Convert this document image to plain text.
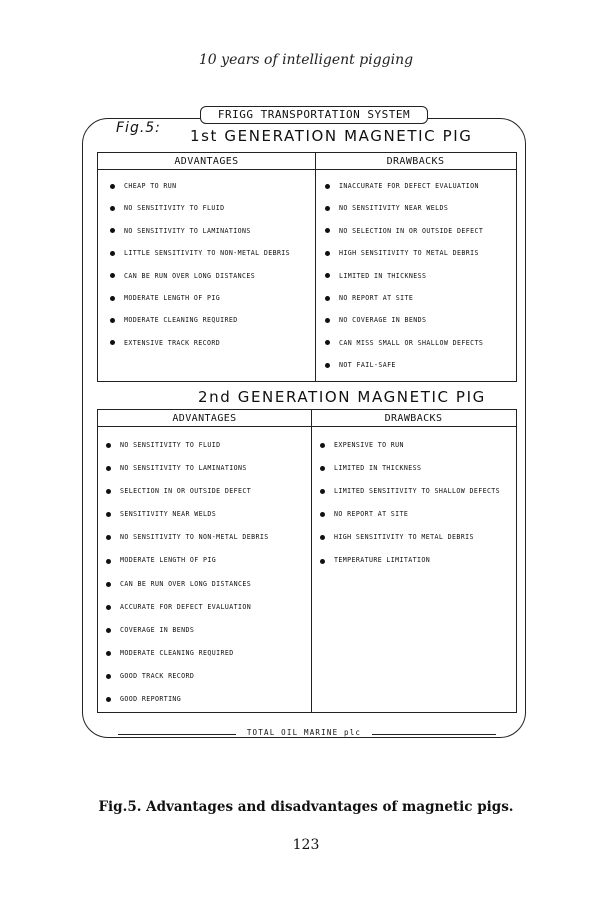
10 years of intelligent pigging
FRIGG TRANSPORTATION SYSTEM
Fig.5: 1st GENERATION MAGNETIC PIG
ADVANTAGES	DRAWBACKS
CHEAP TO RUN
NO SENSITIVITY TO FLUID
NO SENSITIVITY TO LAMINATIONS
LITTLE SENSITIVITY TO NON-METAL DEBRIS
CAN BE RUN OVER LONG DISTANCES
MODERATE LENGTH OF PIG
MODERATE CLEANING REQUIRED
EXTENSIVE TRACK RECORD
INACCURATE FOR DEFECT EVALUATION
NO SENSITIVITY NEAR WELDS
NO SELECTION IN OR OUTSIDE DEFECT
HIGH SENSITIVITY TO METAL DEBRIS
LIMITED IN THICKNESS
NO REPORT AT SITE
NO COVERAGE IN BENDS
CAN MISS SMALL OR SHALLOW DEFECTS
NOT FAIL-SAFE
2nd GENERATION MAGNETIC PIG
ADVANTAGES	DRAWBACKS
NO SENSITIVITY TO FLUID
NO SENSITIVITY TO LAMINATIONS
SELECTION IN OR OUTSIDE DEFECT
SENSITIVITY NEAR WELDS
NO SENSITIVITY TO NON-METAL DEBRIS
MODERATE LENGTH OF PIG
CAN BE RUN OVER LONG DISTANCES
ACCURATE FOR DEFECT EVALUATION
COVERAGE IN BENDS
MODERATE CLEANING REQUIRED
GOOD TRACK RECORD
GOOD REPORTING
EXPENSIVE TO RUN
LIMITED IN THICKNESS
LIMITED SENSITIVITY TO SHALLOW DEFECTS
NO REPORT AT SITE
HIGH SENSITIVITY TO METAL DEBRIS
TEMPERATURE LIMITATION
TOTAL OIL MARINE plc
Fig.5. Advantages and disadvantages of magnetic pigs.
123
